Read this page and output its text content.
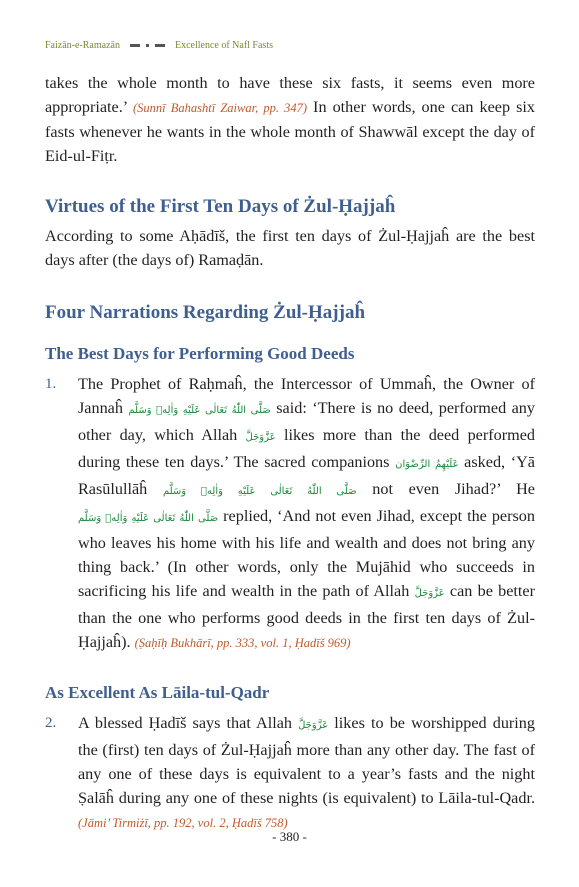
Faizān-e-Ramazān	Excellence of Nafl Fasts

takes the whole month to have these six fasts, it seems even more appropriate.’ (Sunnī Bahashtī Zaiwar, pp. 347) In other words, one can keep six fasts whenever he wants in the whole month of Shawwāl except the day of Eid-ul-Fiṭr.

Virtues of the First Ten Days of Żul-Ḥajjaĥ

According to some Aḥādīš, the first ten days of Żul-Ḥajjaĥ are the best days after (the days of) Ramaḍān.

Four Narrations Regarding Żul-Ḥajjaĥ
The Best Days for Performing Good Deeds
1.	The Prophet of Raḥmaĥ, the Intercessor of Ummaĥ, the Owner of Jannaĥ صَلَّى اللّٰهُ تَعَالٰى عَلَيْهِ وَاٰلِهٖ وَسَلَّم said: ‘There is no deed, performed any other day, which Allah عَزَّوَجَلَّ likes more than the deed performed during these ten days.’ The sacred companions عَلَيْهِمُ الرِّضْوَان asked, ‘Yā Rasūlullāĥ صَلَّى اللّٰهُ تَعَالٰى عَلَيْهِ وَاٰلِهٖ وَسَلَّم not even Jihad?’ He صَلَّى اللّٰهُ تَعَالٰى عَلَيْهِ وَاٰلِهٖ وَسَلَّم replied, ‘And not even Jihad, except the person who leaves his home with his life and wealth and does not bring any thing back.’ (In other words, only the Mujāhid who succeeds in sacrificing his life and wealth in the path of Allah عَزَّوَجَلَّ can be better than the one who performs good deeds in the first ten days of Żul-Ḥajjaĥ). (Ṣaḥīḥ Bukhārī, pp. 333, vol. 1, Ḥadīš 969)

As Excellent As Lāila-tul-Qadr
2.	A blessed Ḥadīš says that Allah عَزَّوَجَلَّ likes to be worshipped during the (first) ten days of Żul-Ḥajjaĥ more than any other day. The fast of any one of these days is equivalent to a year’s fasts and the night Ṣalāĥ during any one of these nights (is equivalent) to Lāila-tul-Qadr. (Jāmi’ Tirmiżī, pp. 192, vol. 2, Ḥadīš 758)

- 380 -
